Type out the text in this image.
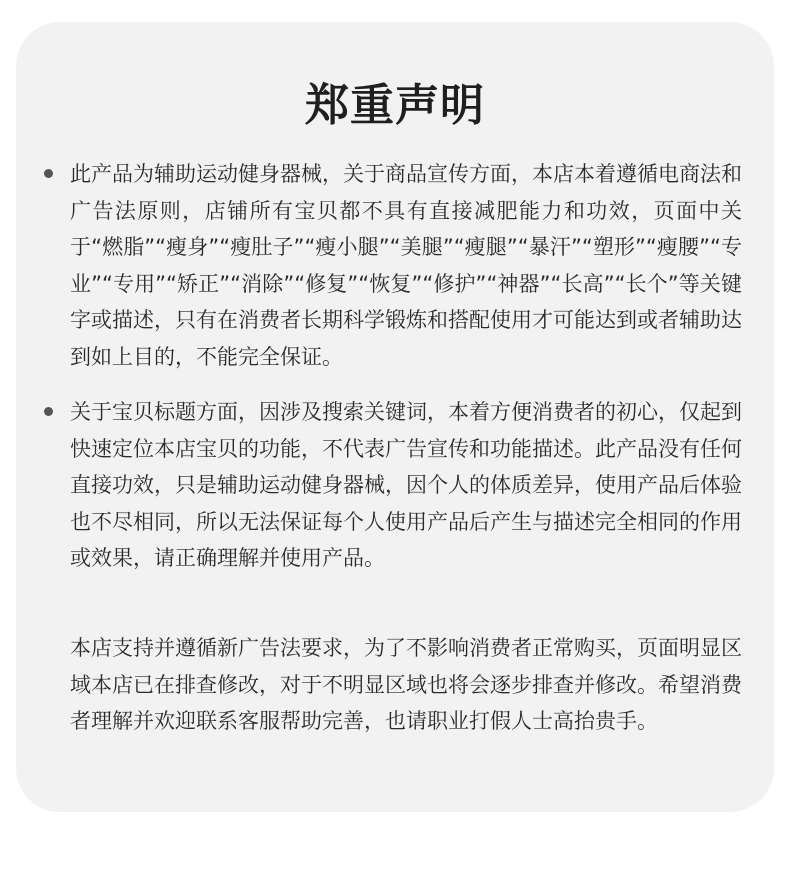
郑重声明

此产品为辅助运动健身器械，关于商品宣传方面，本店本着遵循电商法和广告法原则，店铺所有宝贝都不具有直接减肥能力和功效，页面中关于“燃脂”“瘦身”“瘦肚子”“瘦小腿”“美腿”“瘦腿”“暴汗”“塑形”“瘦腰”“专业”“专用”“矫正”“消除”“修复”“恢复”“修护”“神器”“长高”“长个”等关键字或描述，只有在消费者长期科学锻炼和搭配使用才可能达到或者辅助达到如上目的，不能完全保证。

关于宝贝标题方面，因涉及搜索关键词，本着方便消费者的初心，仅起到快速定位本店宝贝的功能，不代表广告宣传和功能描述。此产品没有任何直接功效，只是辅助运动健身器械，因个人的体质差异，使用产品后体验也不尽相同，所以无法保证每个人使用产品后产生与描述完全相同的作用或效果，请正确理解并使用产品。

本店支持并遵循新广告法要求，为了不影响消费者正常购买，页面明显区域本店已在排查修改，对于不明显区域也将会逐步排查并修改。希望消费者理解并欢迎联系客服帮助完善，也请职业打假人士高抬贵手。
